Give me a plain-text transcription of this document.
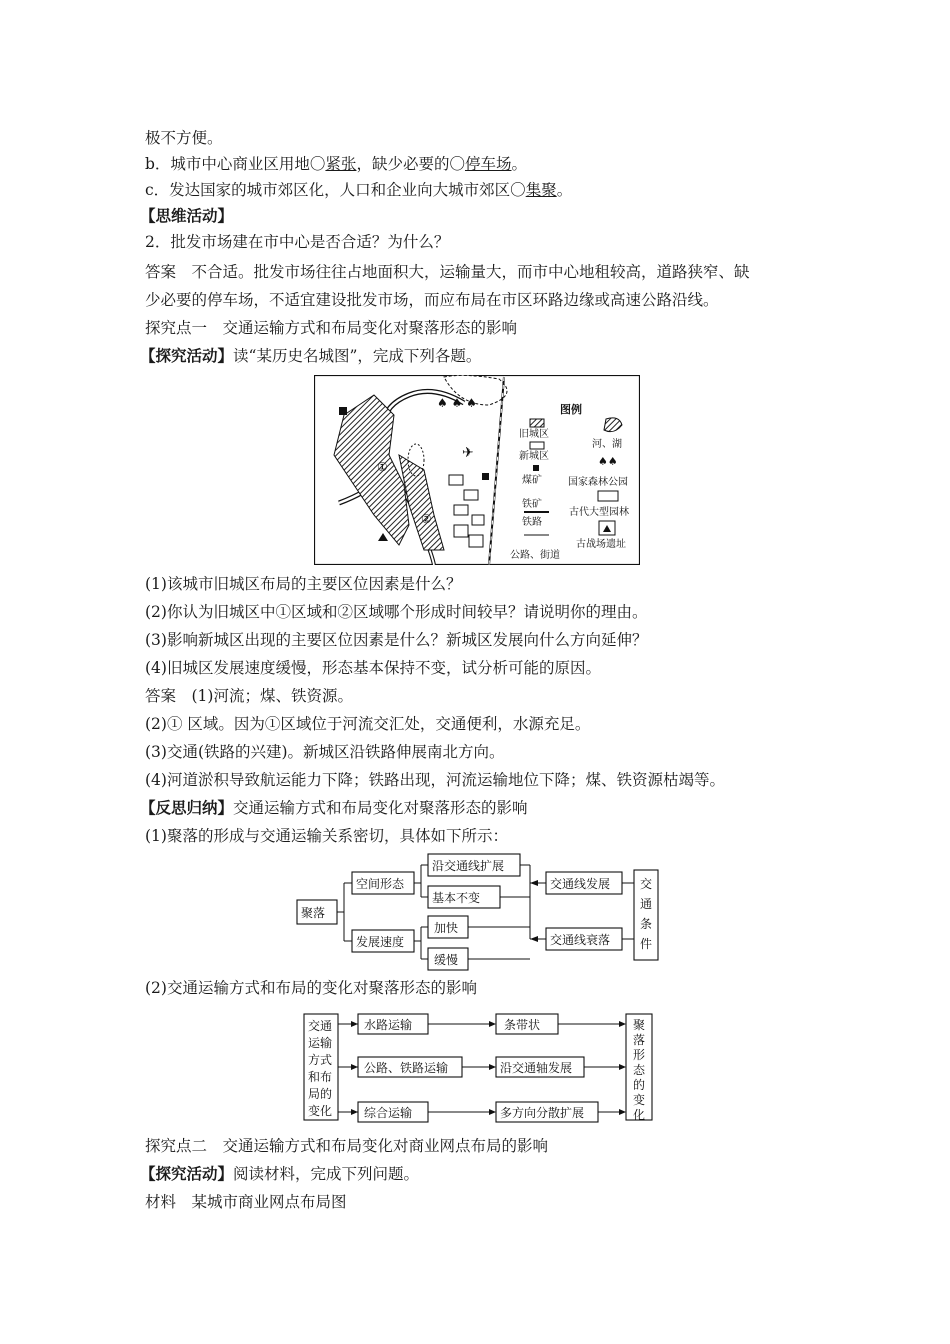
极不方便。
b．城市中心商业区用地〇紧张，缺少必要的〇停车场。
c．发达国家的城市郊区化，人口和企业向大城市郊区〇集聚。
【思维活动】
2．批发市场建在市中心是否合适？为什么？
答案　不合适。批发市场往往占地面积大，运输量大，而市中心地租较高，道路狭窄、缺
少必要的停车场，不适宜建设批发市场，而应布局在市区环路边缘或高速公路沿线。
探究点一　交通运输方式和布局变化对聚落形态的影响
【探究活动】读“某历史名城图”，完成下列各题。
♠ ♠ ♠
✈
①
②
图例
旧城区
新城区
煤矿
铁矿
铁路
公路、街道
河、湖
♠♠
国家森林公园
古代大型园林
古战场遗址
(1)该城市旧城区布局的主要区位因素是什么？
(2)你认为旧城区中①区域和②区域哪个形成时间较早？请说明你的理由。
(3)影响新城区出现的主要区位因素是什么？新城区发展向什么方向延伸？
(4)旧城区发展速度缓慢，形态基本保持不变，试分析可能的原因。
答案　(1)河流；煤、铁资源。
(2)① 区域。因为①区域位于河流交汇处，交通便利，水源充足。
(3)交通(铁路的兴建)。新城区沿铁路伸展南北方向。
(4)河道淤积导致航运能力下降；铁路出现，河流运输地位下降；煤、铁资源枯竭等。
【反思归纳】交通运输方式和布局变化对聚落形态的影响
(1)聚落的形成与交通运输关系密切，具体如下所示：
聚落
空间形态
发展速度
沿交通线扩展
基本不变
加快
缓慢
交通线发展
交通线衰落
交
通
条
件
(2)交通运输方式和布局的变化对聚落形态的影响
交通
运输
方式
和布
局的
变化
水路运输
公路、铁路运输
综合运输
条带状
沿交通轴发展
多方向分散扩展
聚
落
形
态
的
变
化
探究点二　交通运输方式和布局变化对商业网点布局的影响
【探究活动】阅读材料，完成下列问题。
材料　某城市商业网点布局图
